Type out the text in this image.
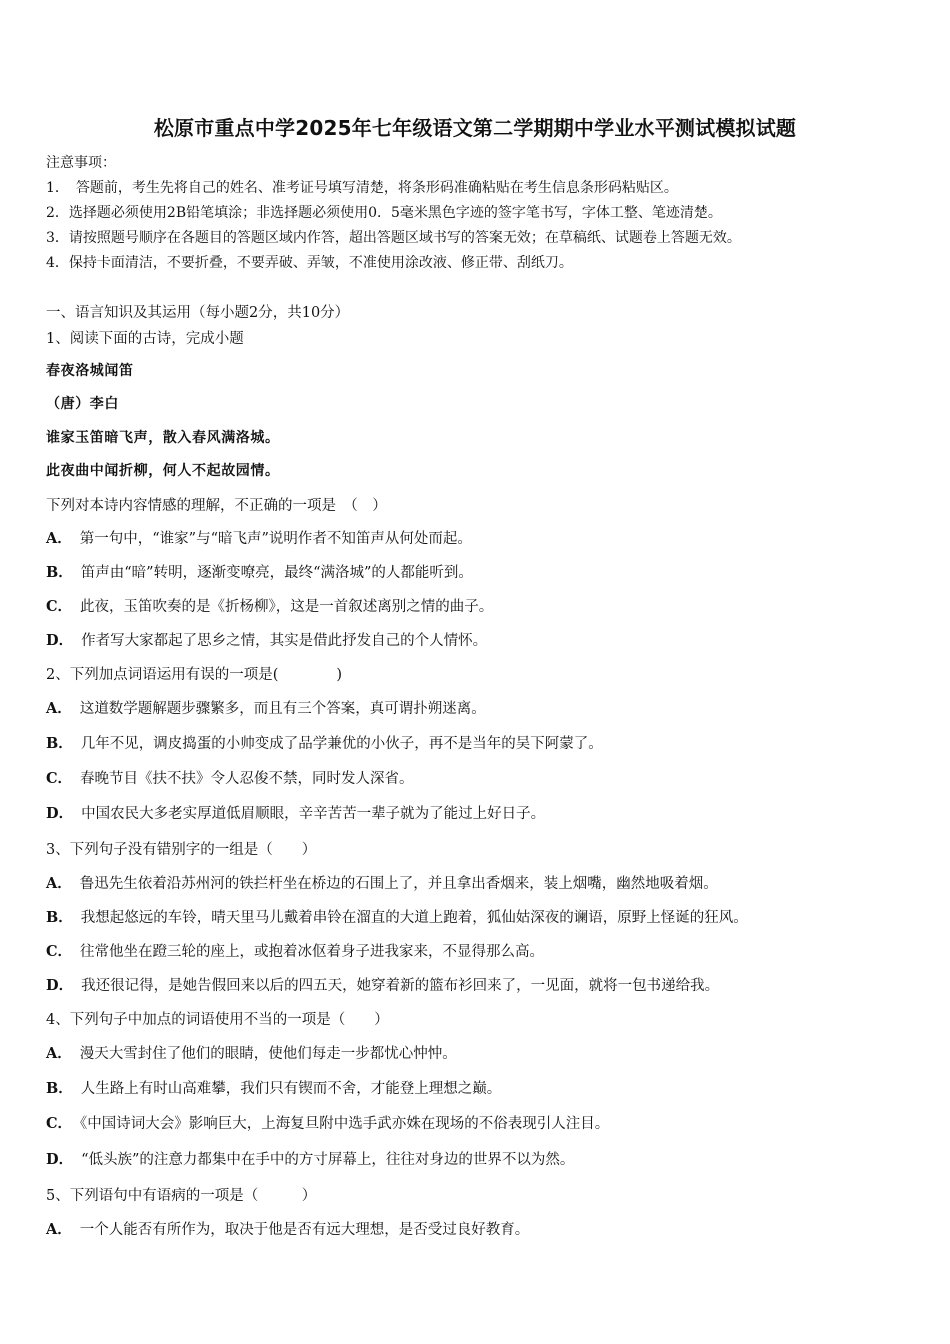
松原市重点中学2025年七年级语文第二学期期中学业水平测试模拟试题
注意事项：
1．　答题前，考生先将自己的姓名、准考证号填写清楚，将条形码准确粘贴在考生信息条形码粘贴区。
2．选择题必须使用2B铅笔填涂；非选择题必须使用0．5毫米黑色字迹的签字笔书写，字体工整、笔迹清楚。
3．请按照题号顺序在各题目的答题区域内作答，超出答题区域书写的答案无效；在草稿纸、试题卷上答题无效。
4．保持卡面清洁，不要折叠，不要弄破、弄皱，不准使用涂改液、修正带、刮纸刀。
一、语言知识及其运用（每小题2分，共10分）
1、阅读下面的古诗，完成小题
春夜洛城闻笛
（唐）李白
谁家玉笛暗飞声，散入春风满洛城。
此夜曲中闻折柳，何人不起故园情。
下列对本诗内容情感的理解，不正确的一项是　（　）
A． 第一句中，“谁家”与“暗飞声”说明作者不知笛声从何处而起。
B． 笛声由“暗”转明，逐渐变嘹亮，最终“满洛城”的人都能听到。
C． 此夜，玉笛吹奏的是《折杨柳》，这是一首叙述离别之情的曲子。
D． 作者写大家都起了思乡之情，其实是借此抒发自己的个人情怀。
2、下列加点词语运用有误的一项是(　　　　)
A． 这道数学题解题步骤繁多，而且有三个答案，真可谓扑朔迷离。
B． 几年不见，调皮捣蛋的小帅变成了品学兼优的小伙子，再不是当年的吴下阿蒙了。
C． 春晚节目《扶不扶》令人忍俊不禁，同时发人深省。
D． 中国农民大多老实厚道低眉顺眼，辛辛苦苦一辈子就为了能过上好日子。
3、下列句子没有错别字的一组是（　　）
A． 鲁迅先生依着沿苏州河的铁拦杆坐在桥边的石围上了，并且拿出香烟来，装上烟嘴，幽然地吸着烟。
B． 我想起悠远的车铃，晴天里马儿戴着串铃在溜直的大道上跑着，狐仙姑深夜的谰语，原野上怪诞的狂风。
C． 往常他坐在蹬三轮的座上，或抱着冰伛着身子进我家来，不显得那么高。
D． 我还很记得，是她告假回来以后的四五天，她穿着新的篮布衫回来了，一见面，就将一包书递给我。
4、下列句子中加点的词语使用不当的一项是（　　）
A． 漫天大雪封住了他们的眼睛，使他们每走一步都忧心忡忡。
B． 人生路上有时山高难攀，我们只有锲而不舍，才能登上理想之巅。
C． 《中国诗词大会》影响巨大，上海复旦附中选手武亦姝在现场的不俗表现引人注目。
D． “低头族”的注意力都集中在手中的方寸屏幕上，往往对身边的世界不以为然。
5、下列语句中有语病的一项是（　　　）
A． 一个人能否有所作为，取决于他是否有远大理想，是否受过良好教育。
